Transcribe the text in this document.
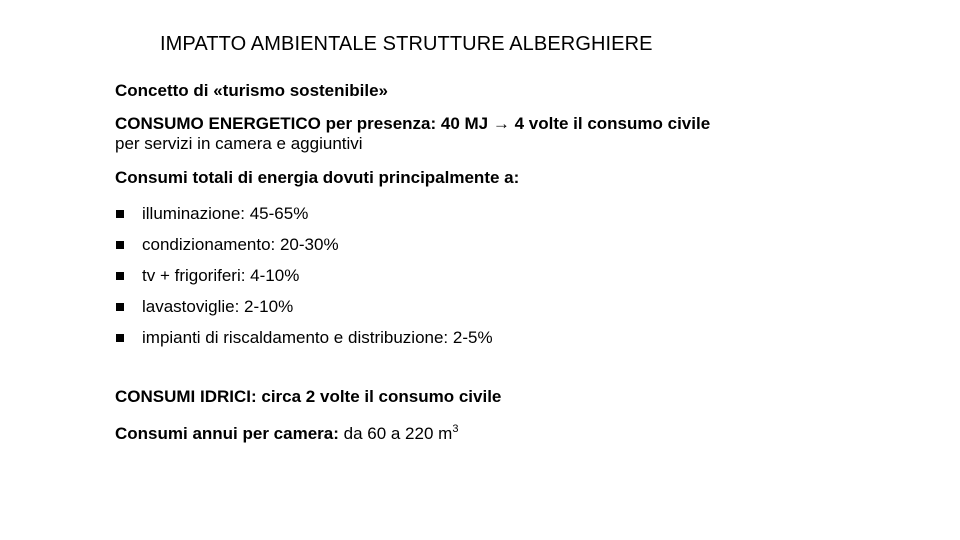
IMPATTO AMBIENTALE STRUTTURE ALBERGHIERE

Concetto di «turismo sostenibile»

CONSUMO ENERGETICO per presenza: 40 MJ → 4 volte il consumo civile
per servizi in camera e aggiuntivi
Consumi totali di energia dovuti principalmente a:
illuminazione: 45-65%
condizionamento: 20-30%
tv + frigoriferi: 4-10%
lavastoviglie: 2-10%
impianti di riscaldamento e distribuzione: 2-5%
CONSUMI IDRICI: circa 2 volte il consumo civile
Consumi annui per camera: da 60 a 220 $m^3$
